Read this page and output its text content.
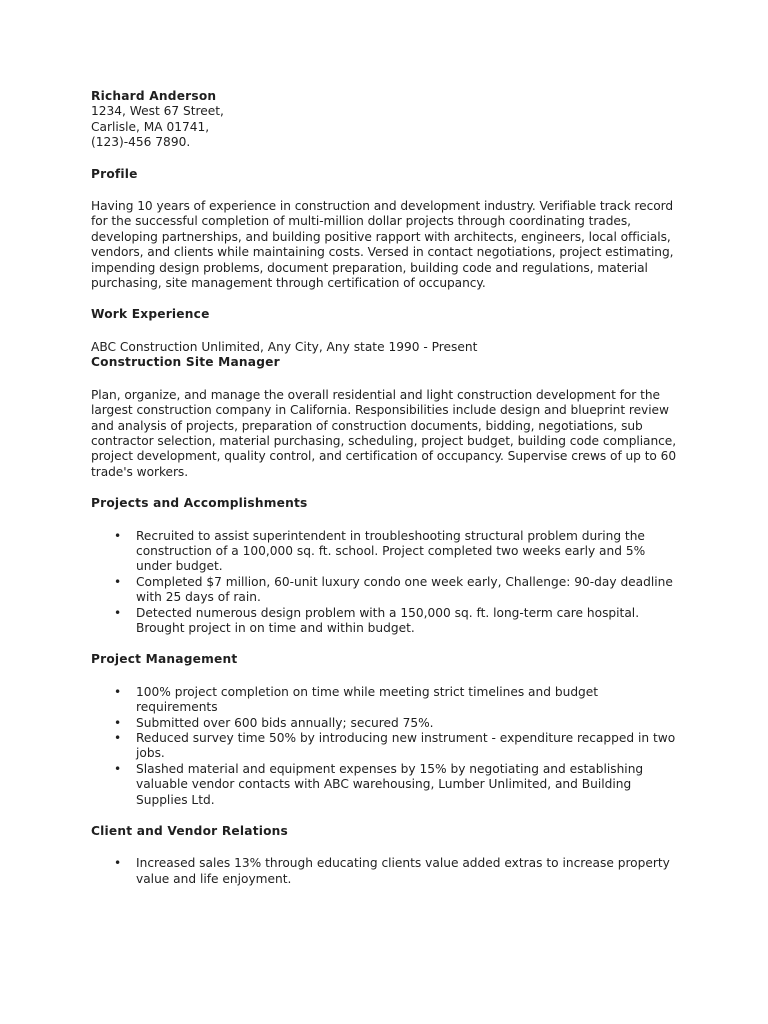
Richard Anderson
1234, West 67 Street,
Carlisle, MA 01741,
(123)-456 7890.
Profile

Having 10 years of experience in construction and development industry. Verifiable track record for the successful completion of multi-million dollar projects through coordinating trades, developing partnerships, and building positive rapport with architects, engineers, local officials, vendors, and clients while maintaining costs. Versed in contact negotiations, project estimating, impending design problems, document preparation, building code and regulations, material purchasing, site management through certification of occupancy.

Work Experience
ABC Construction Unlimited, Any City, Any state 1990 - Present
Construction Site Manager

Plan, organize, and manage the overall residential and light construction development for the largest construction company in California. Responsibilities include design and blueprint review and analysis of projects, preparation of construction documents, bidding, negotiations, sub contractor selection, material purchasing, scheduling, project budget, building code compliance, project development, quality control, and certification of occupancy. Supervise crews of up to 60 trade's workers.

Projects and Accomplishments
• Recruited to assist superintendent in troubleshooting structural problem during the construction of a 100,000 sq. ft. school. Project completed two weeks early and 5% under budget.
• Completed $7 million, 60-unit luxury condo one week early, Challenge: 90-day deadline with 25 days of rain.
• Detected numerous design problem with a 150,000 sq. ft. long-term care hospital. Brought project in on time and within budget.
Project Management
• 100% project completion on time while meeting strict timelines and budget requirements
• Submitted over 600 bids annually; secured 75%.
• Reduced survey time 50% by introducing new instrument - expenditure recapped in two jobs.
• Slashed material and equipment expenses by 15% by negotiating and establishing valuable vendor contacts with ABC warehousing, Lumber Unlimited, and Building Supplies Ltd.
Client and Vendor Relations
• Increased sales 13% through educating clients value added extras to increase property value and life enjoyment.
